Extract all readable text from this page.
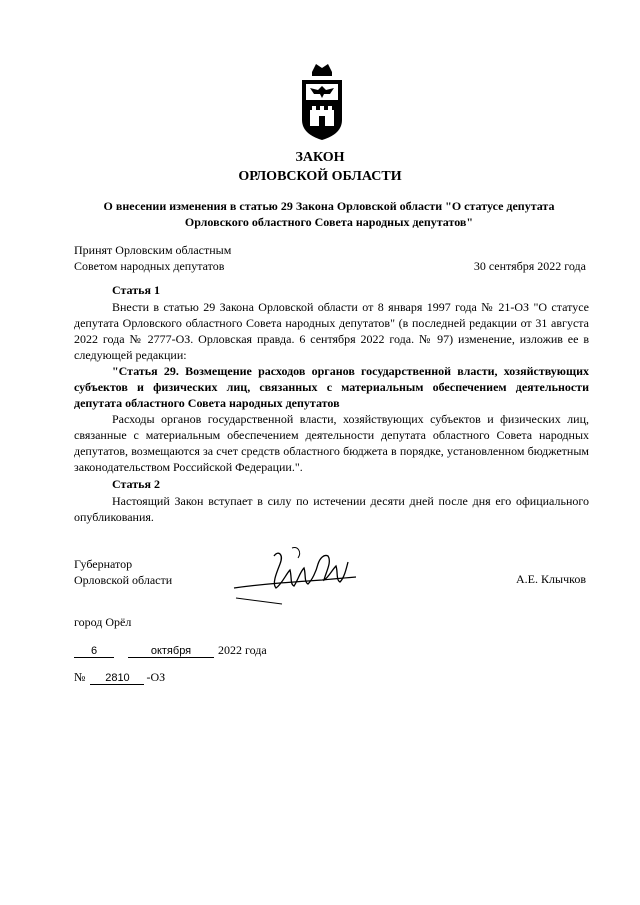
ЗАКОН
ОРЛОВСКОЙ ОБЛАСТИ
О внесении изменения в статью 29 Закона Орловской области "О статусе депутата Орловского областного Совета народных депутатов"
Принят Орловским областным
Советом народных депутатов	30 сентября 2022 года
Статья 1

Внести в статью 29 Закона Орловской области от 8 января 1997 года № 21-ОЗ "О статусе депутата Орловского областного Совета народных депутатов" (в последней редакции от 31 августа 2022 года № 2777-ОЗ. Орловская правда. 6 сентября 2022 года. № 97) изменение, изложив ее в следующей редакции:

"Статья 29. Возмещение расходов органов государственной власти, хозяйствующих субъектов и физических лиц, связанных с материальным обеспечением деятельности депутата областного Совета народных депутатов

Расходы органов государственной власти, хозяйствующих субъектов и физических лиц, связанные с материальным обеспечением деятельности депутата областного Совета народных депутатов, возмещаются за счет средств областного бюджета в порядке, установленном бюджетным законодательством Российской Федерации.".

Статья 2

Настоящий Закон вступает в силу по истечении десяти дней после дня его официального опубликования.

Губернатор
Орловской области	А.Е. Клычков
город Орёл
6	октября 2022 года
№ 2810 -ОЗ
